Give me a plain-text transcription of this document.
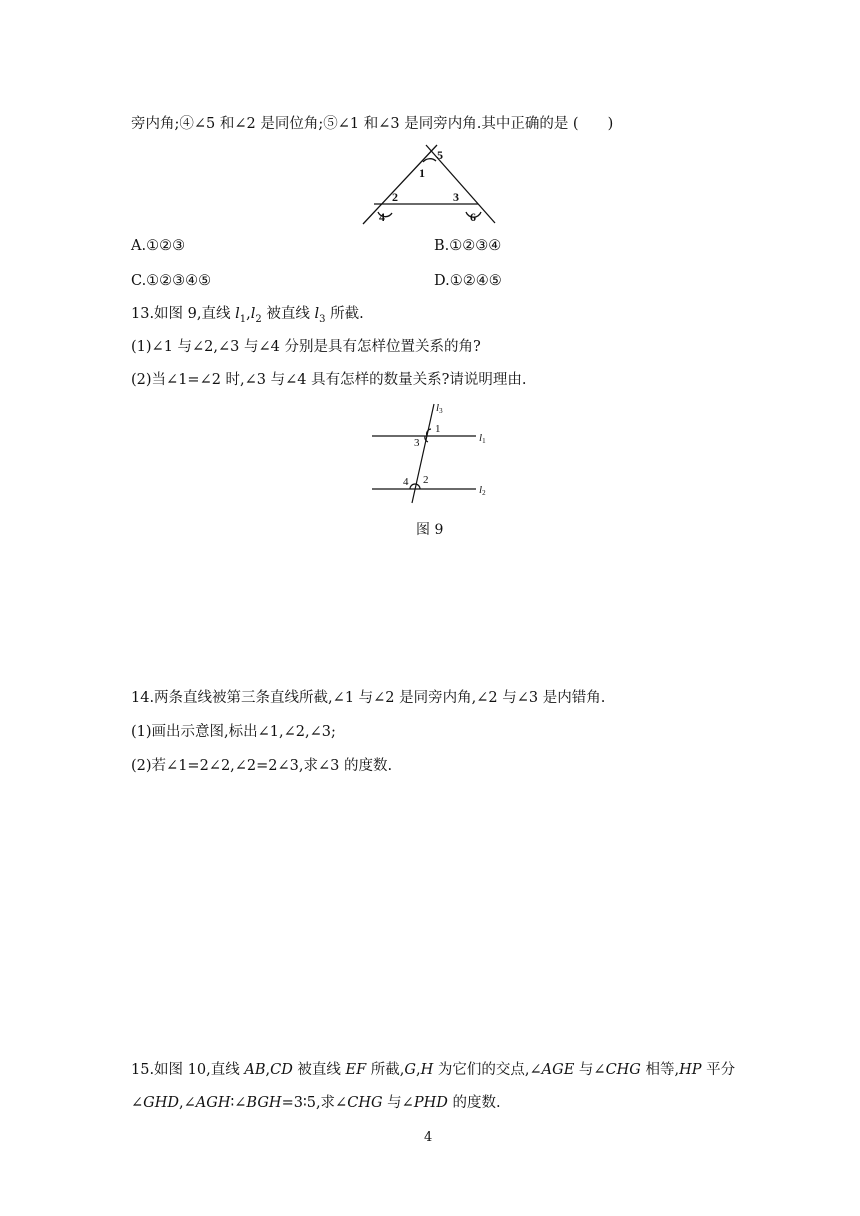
旁内角;④∠5 和∠2 是同位角;⑤∠1 和∠3 是同旁内角.其中正确的是 (　　)
5
1
2	3
4	6
A.①②③	B.①②③④
C.①②③④⑤	D.①②④⑤
13.如图 9,直线 $l_1,l_2$ 被直线 $l_3$ 所截.
(1)∠1 与∠2,∠3 与∠4 分别是具有怎样位置关系的角?
(2)当∠1=∠2 时,∠3 与∠4 具有怎样的数量关系?请说明理由.
l3
1
3	l1
4 2
l2
图 9
14.两条直线被第三条直线所截,∠1 与∠2 是同旁内角,∠2 与∠3 是内错角.
(1)画出示意图,标出∠1,∠2,∠3;
(2)若∠1=2∠2,∠2=2∠3,求∠3 的度数.
15.如图 10,直线 AB,CD 被直线 EF 所截,G,H 为它们的交点,∠AGE 与∠CHG 相等,HP 平分
∠GHD,∠AGH∶∠BGH=3∶5,求∠CHG 与∠PHD 的度数.
4
